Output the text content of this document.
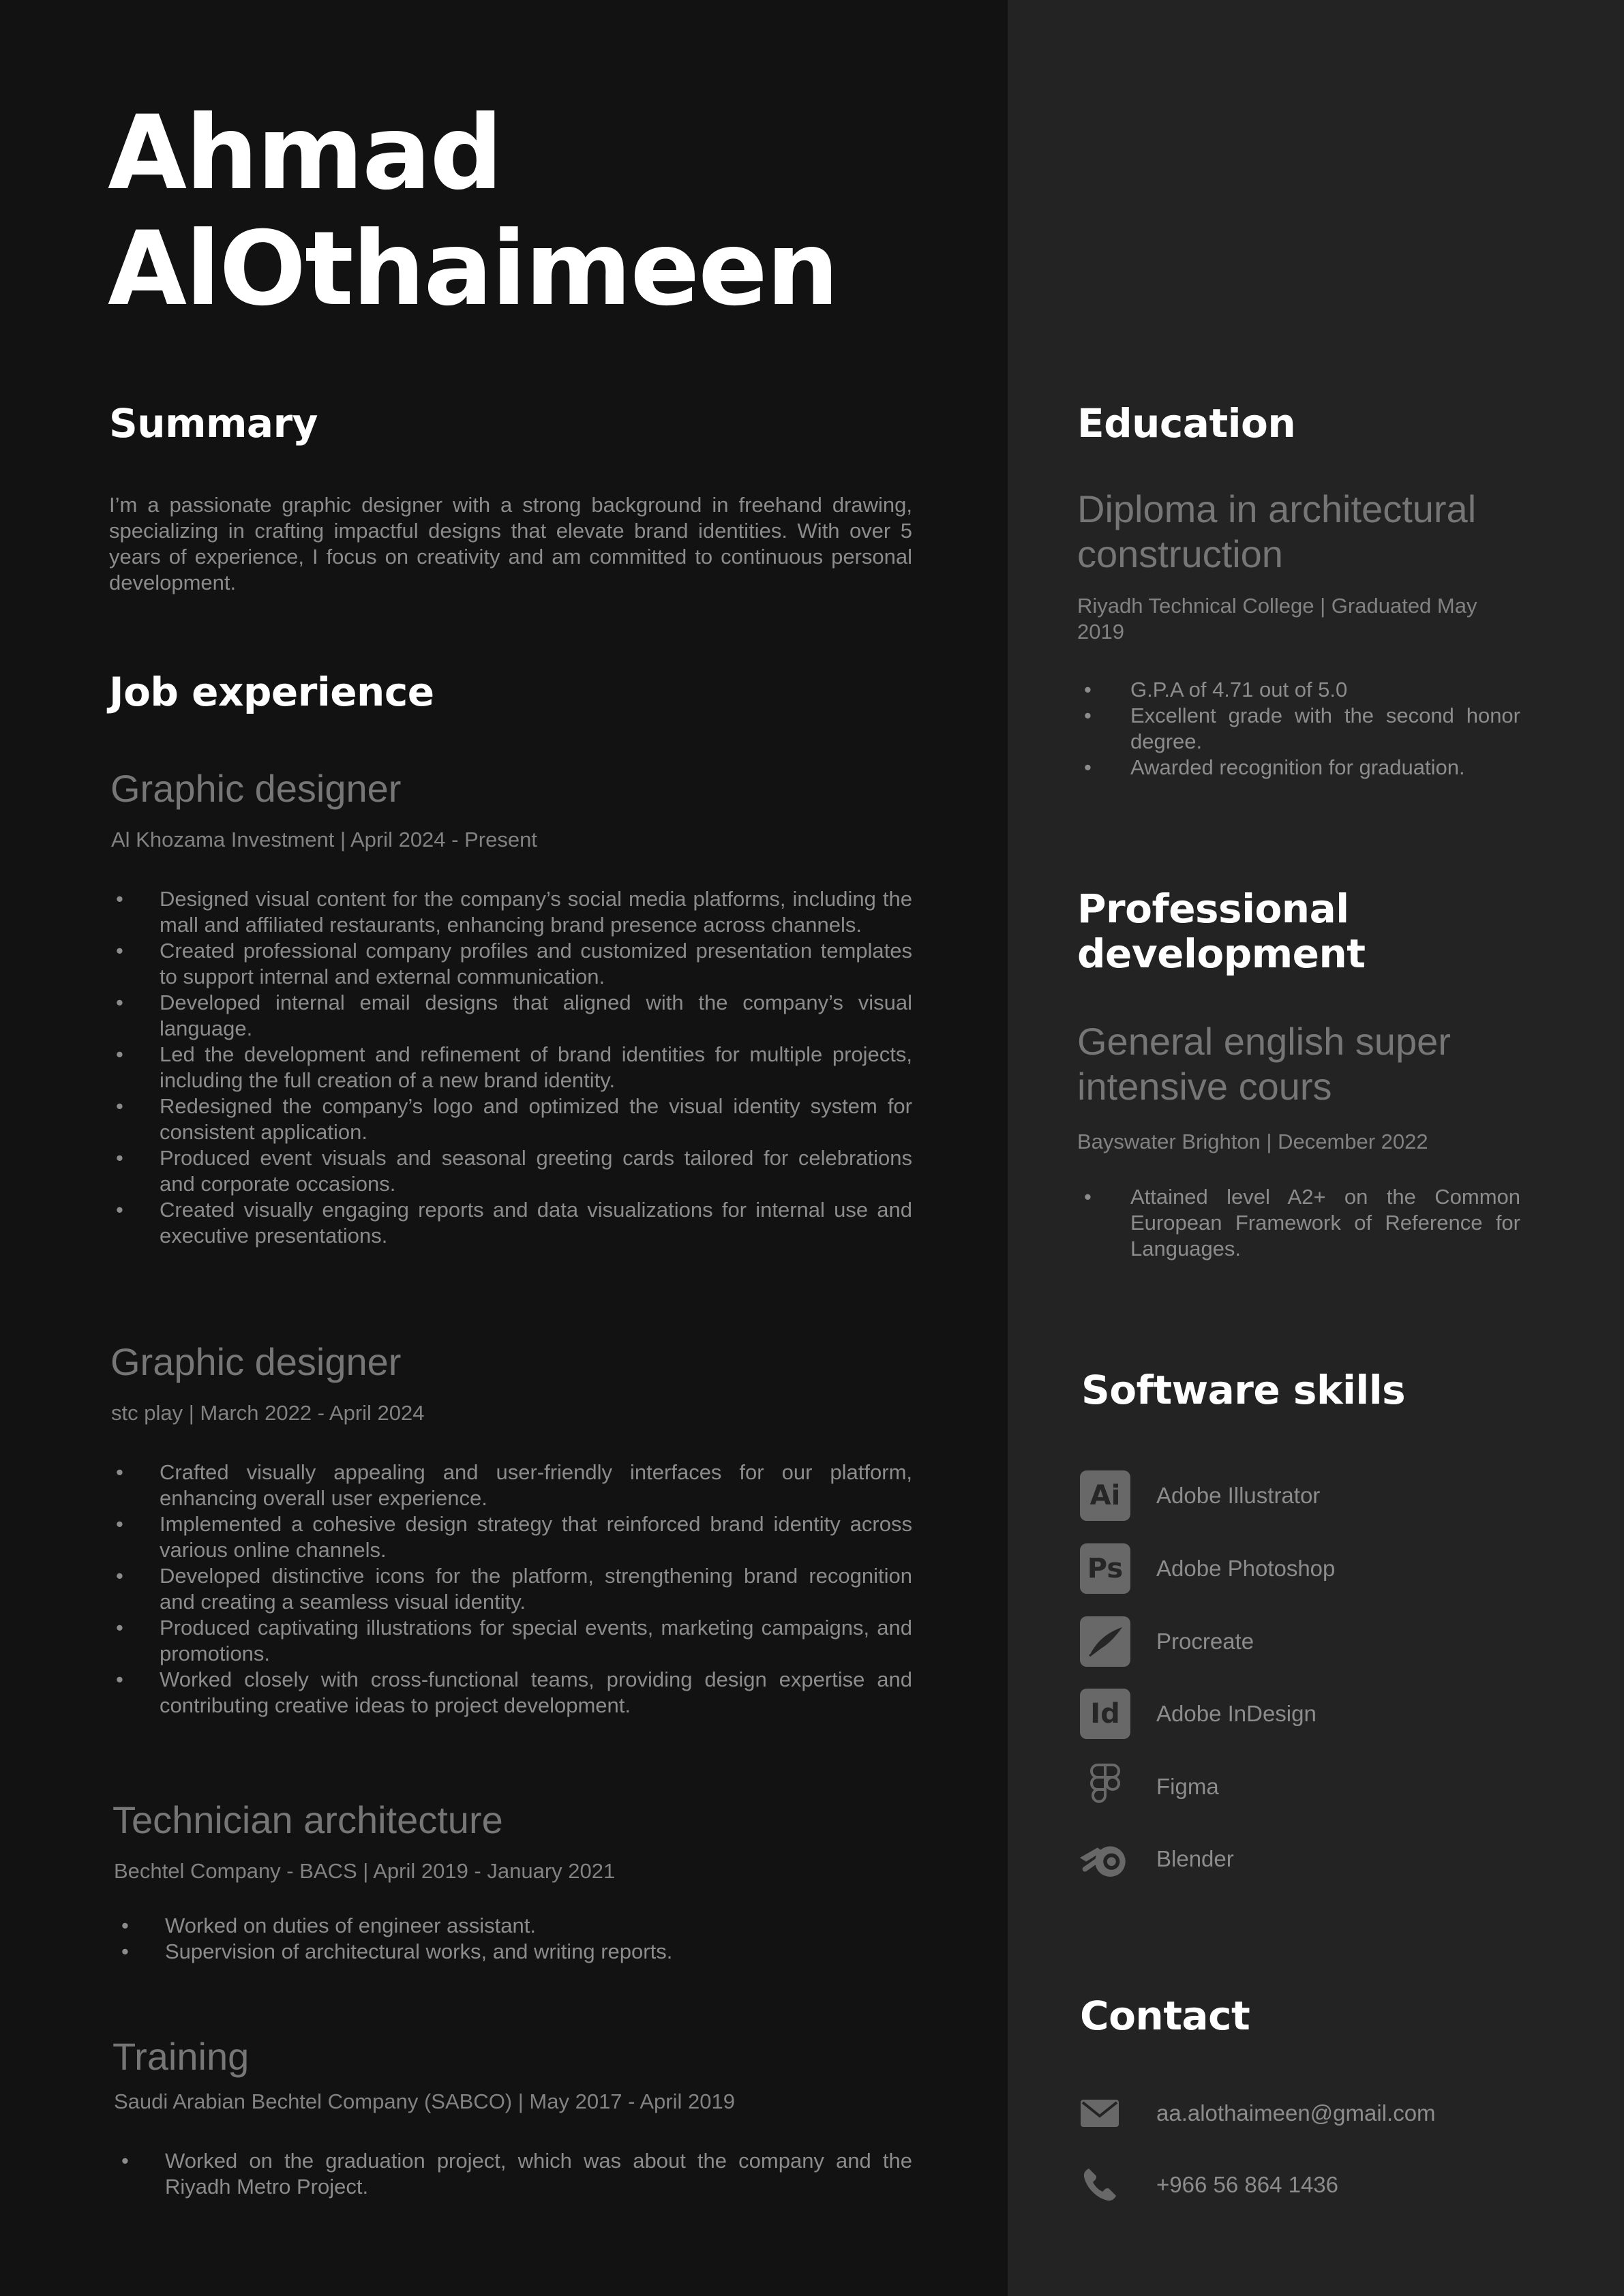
Ahmad
AlOthaimeen
Summary

I’m a passionate graphic designer with a strong background in freehand drawing, specializing in crafting impactful designs that elevate brand identities. With over 5 years of experience, I focus on creativity and am committed to continuous personal development.

Job experience
Graphic designer

Al Khozama Investment | April 2024 - Present

• Designed visual content for the company’s social media platforms, including the mall and affiliated restaurants, enhancing brand presence across channels.
• Created professional company profiles and customized presentation templates to support internal and external communication.
• Developed internal email designs that aligned with the company’s visual language.
• Led the development and refinement of brand identities for multiple projects, including the full creation of a new brand identity.
• Redesigned the company’s logo and optimized the visual identity system for consistent application.
• Produced event visuals and seasonal greeting cards tailored for celebrations and corporate occasions.
• Created visually engaging reports and data visualizations for internal use and executive presentations.
Graphic designer

stc play | March 2022 - April 2024

• Crafted visually appealing and user-friendly interfaces for our platform, enhancing overall user experience.
• Implemented a cohesive design strategy that reinforced brand identity across various online channels.
• Developed distinctive icons for the platform, strengthening brand recognition and creating a seamless visual identity.
• Produced captivating illustrations for special events, marketing campaigns, and promotions.
• Worked closely with cross-functional teams, providing design expertise and contributing creative ideas to project development.
Technician architecture

Bechtel Company - BACS | April 2019 - January 2021

• Worked on duties of engineer assistant.
• Supervision of architectural works, and writing reports.
Training

Saudi Arabian Bechtel Company (SABCO) | May 2017 - April 2019

• Worked on the graduation project, which was about the company and the Riyadh Metro Project.
Education
Diploma in architectural construction

Riyadh Technical College | Graduated May 2019

• G.P.A of 4.71 out of 5.0
• Excellent grade with the second honor degree.
• Awarded recognition for graduation.
Professional development
General english super intensive cours

Bayswater Brighton | December 2022

• Attained level A2+ on the Common European Framework of Reference for Languages.
Software skills
Ai	Adobe Illustrator
Ps	Adobe Photoshop
Procreate
Id	Adobe InDesign
Figma
Blender
Contact
aa.alothaimeen@gmail.com
+966 56 864 1436
